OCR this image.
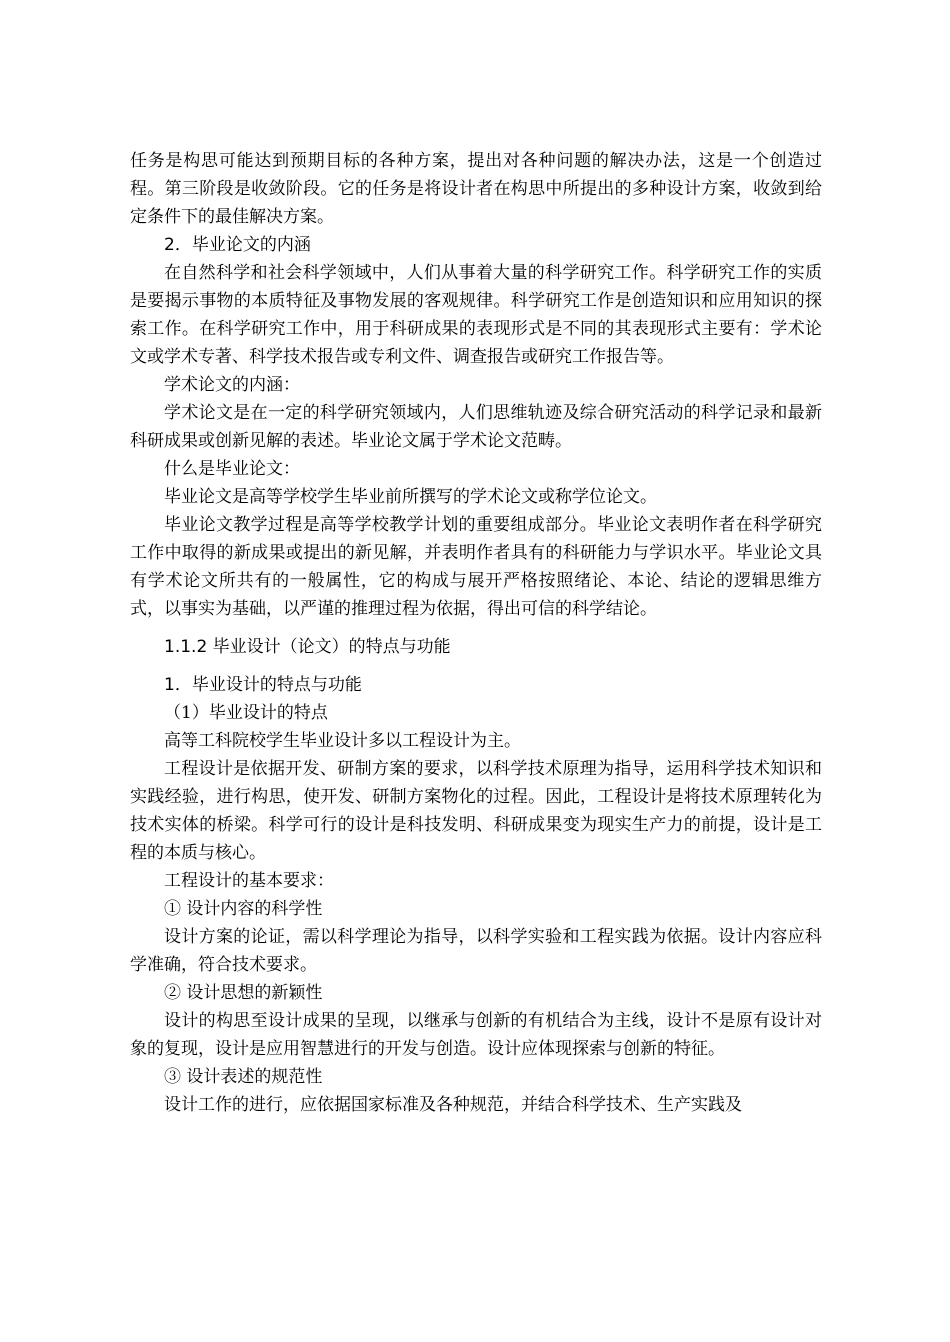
任务是构思可能达到预期目标的各种方案，提出对各种问题的解决办法，这是一个创造过程。第三阶段是收敛阶段。它的任务是将设计者在构思中所提出的多种设计方案，收敛到给定条件下的最佳解决方案。

2．毕业论文的内涵

在自然科学和社会科学领域中，人们从事着大量的科学研究工作。科学研究工作的实质是要揭示事物的本质特征及事物发展的客观规律。科学研究工作是创造知识和应用知识的探索工作。在科学研究工作中，用于科研成果的表现形式是不同的其表现形式主要有：学术论文或学术专著、科学技术报告或专利文件、调查报告或研究工作报告等。

学术论文的内涵：

学术论文是在一定的科学研究领域内，人们思维轨迹及综合研究活动的科学记录和最新科研成果或创新见解的表述。毕业论文属于学术论文范畴。

什么是毕业论文：

毕业论文是高等学校学生毕业前所撰写的学术论文或称学位论文。

毕业论文教学过程是高等学校教学计划的重要组成部分。毕业论文表明作者在科学研究工作中取得的新成果或提出的新见解，并表明作者具有的科研能力与学识水平。毕业论文具有学术论文所共有的一般属性，它的构成与展开严格按照绪论、本论、结论的逻辑思维方式，以事实为基础，以严谨的推理过程为依据，得出可信的科学结论。

1.1.2 毕业设计（论文）的特点与功能

1．毕业设计的特点与功能

（1）毕业设计的特点

高等工科院校学生毕业设计多以工程设计为主。

工程设计是依据开发、研制方案的要求，以科学技术原理为指导，运用科学技术知识和实践经验，进行构思，使开发、研制方案物化的过程。因此，工程设计是将技术原理转化为技术实体的桥梁。科学可行的设计是科技发明、科研成果变为现实生产力的前提，设计是工程的本质与核心。

工程设计的基本要求：

① 设计内容的科学性

设计方案的论证，需以科学理论为指导，以科学实验和工程实践为依据。设计内容应科学准确，符合技术要求。

② 设计思想的新颖性

设计的构思至设计成果的呈现，以继承与创新的有机结合为主线，设计不是原有设计对象的复现，设计是应用智慧进行的开发与创造。设计应体现探索与创新的特征。

③ 设计表述的规范性

设计工作的进行，应依据国家标准及各种规范，并结合科学技术、生产实践及
